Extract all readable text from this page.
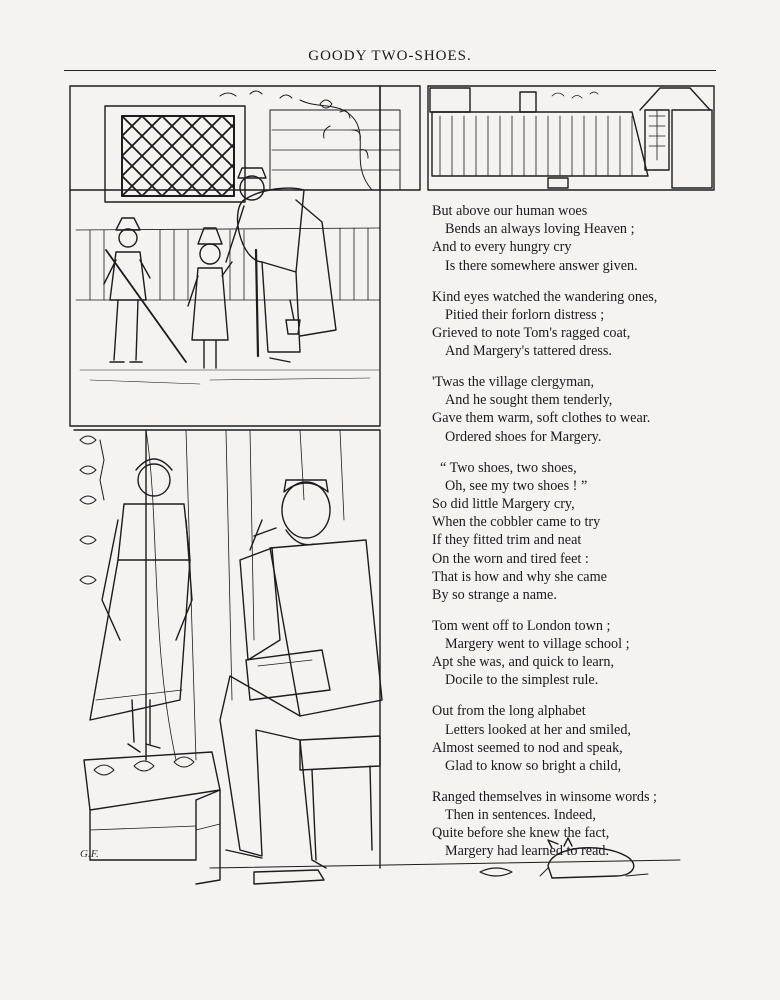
GOODY TWO-SHOES.
G.F.
But above our human woes
Bends an always loving Heaven ;
And to every hungry cry
Is there somewhere answer given.
Kind eyes watched the wandering ones,
Pitied their forlorn distress ;
Grieved to note Tom's ragged coat,
And Margery's tattered dress.
'Twas the village clergyman,
And he sought them tenderly,
Gave them warm, soft clothes to wear.
Ordered shoes for Margery.
“ Two shoes, two shoes,
Oh, see my two shoes ! ”
So did little Margery cry,
When the cobbler came to try
If they fitted trim and neat
On the worn and tired feet :
That is how and why she came
By so strange a name.
Tom went off to London town ;
Margery went to village school ;
Apt she was, and quick to learn,
Docile to the simplest rule.
Out from the long alphabet
Letters looked at her and smiled,
Almost seemed to nod and speak,
Glad to know so bright a child,
Ranged themselves in winsome words ;
Then in sentences. Indeed,
Quite before she knew the fact,
Margery had learned to read.
